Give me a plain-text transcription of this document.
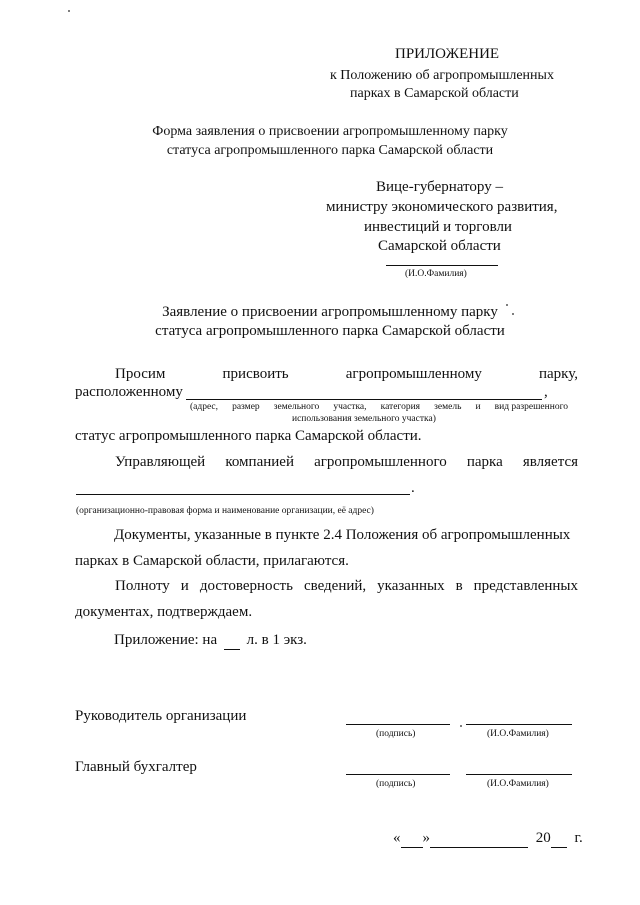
ПРИЛОЖЕНИЕ
к Положению об агропромышленных
парках в Самарской области
Форма заявления о присвоении агропромышленному парку
статуса агропромышленного парка Самарской области
Вице-губернатору –
министру экономического развития,
инвестиций и торговли
Самарской области
(И.О.Фамилия)
Заявление о присвоении агропромышленному парку
статуса агропромышленного парка Самарской области
Просим	присвоить	агропромышленному	парку,
расположенному	,
(адрес, размер земельного участка, категория земель и вид разрешенного
использования земельного участка)
статус агропромышленного парка Самарской области.
Управляющей компанией агропромышленного парка является
.
(организационно-правовая форма и наименование организации, её адрес)
Документы, указанные в пункте 2.4 Положения об агропромышленных
парках в Самарской области, прилагаются.
Полноту и достоверность сведений, указанных в представленных
документах, подтверждаем.
Приложение: на л. в 1 экз.
Руководитель организации
(подпись)	(И.О.Фамилия)
Главный бухгалтер
(подпись)	(И.О.Фамилия)
« »	20 г.
